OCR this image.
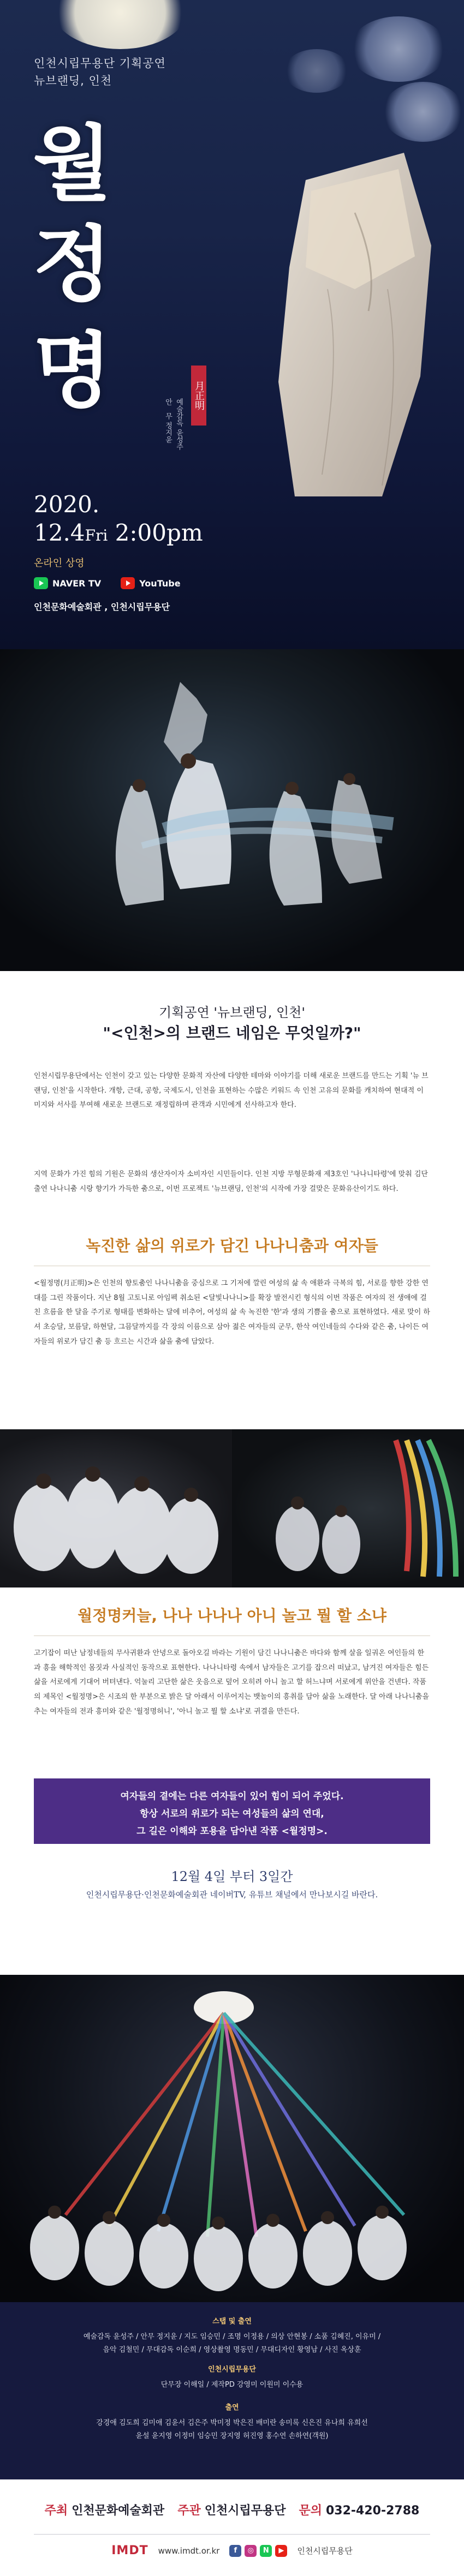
인천시립무용단 기획공연
뉴브랜딩, 인천
월
정
명	月正明
예술감독 윤성주
안　무 정지윤
2020.
12.4Fri 2:00pm
온라인 상영
NAVER TV	YouTube
인천문화예술회관 , 인천시립무용단
기획공연 '뉴브랜딩, 인천'
"<인천>의 브랜드 네임은 무엇일까?"
인천시립무용단에서는 인천이 갖고 있는 다양한 문화적 자산에 다양한 테마와 이야기를 더해 새로운 브랜드를 만드는 기획 '뉴 브랜딩, 인천'을 시작한다. 개항, 근대, 공항, 국제도시, 인천을 표현하는 수많은 키워드 속 인천 고유의 문화를 캐치하여 현대적 이미지와 서사를 부여해 새로운 브랜드로 재정립하며 관객과 시민에게 선사하고자 한다.
지역 문화가 가진 힘의 기원은 문화의 생산자이자 소비자인 시민들이다. 인천 지방 무형문화재 제3호인 '나나니타령'에 맞춰 김단출연 나나니춤 시랑 향기가 가득한 춤으로, 이번 프로젝트 '뉴브랜딩, 인천'의 시작에 가장 걸맞은 문화유산이기도 하다.
녹진한 삶의 위로가 담긴 나나니춤과 여자들
<월정명(月正明)>은 인천의 향토춤인 나나니춤을 중심으로 그 기저에 깔린 여성의 삶 속 애환과 극복의 힘, 서로를 향한 강한 연대를 그린 작품이다. 지난 8월 고토니로 아임펙 취소된 <달빛나나니>를 확장 발전시킨 형식의 이번 작품은 여자의 전 생애에 걸친 흐름을 한 달을 주기로 형태를 변화하는 달에 비추어, 여성의 삶 속 녹진한 '한'과 생의 기쁨을 춤으로 표현하였다. 새로 맞이 하셔 초승달, 보름달, 하현달, 그믐달까지를 각 장의 이름으로 삼아 젊은 여자들의 군무, 한삭 여인네들의 수다와 같은 춤, 나이든 여자들의 위로가 담긴 춤 등 흐르는 시간과 삶을 춤에 담았다.
월정명커늘, 나나 나나나 아니 놀고 뭘 할 소냐
고기잡이 떠난 남정네들의 무사귀환과 안녕으로 돌아오길 바라는 기원이 담긴 나나니춤은 바다와 함께 살을 일궈온 여인들의 한과 흥을 해학적인 몸짓과 사실적인 동작으로 표현한다. 나나니타령 속에서 남자들은 고기를 잡으러 떠났고, 남겨진 여자들은 힘든 삶을 서로에게 기대어 버텨낸다. 억눌리 고단한 삶은 웃음으로 덮어 오히려 아니 놀고 할 허느냐며 서로에게 위안을 건넨다. 작품의 제목인 <월정명>은 시조의 한 부분으로 밝은 달 아래서 이루어지는 뱃놀이의 흥취를 담아 삶을 노래한다. 달 아래 나나니춤을 추는 여자들의 전과 흥미와 같은 '월정명허니', '아니 놀고 뭘 할 소냐'로 귀결을 만든다.
여자들의 곁에는 다른 여자들이 있어 힘이 되어 주었다.
항상 서로의 위로가 되는 여성들의 삶의 연대,
그 길은 이해와 포용을 담아낸 작품 <월정명>.
12월 4일 부터 3일간
인천시립무용단·인천문화예술회관 네이버TV, 유튜브 채널에서 만나보시길 바란다.
스탭 및 출연
예술감독 윤성주 / 안무 정지윤 / 지도 임승민 / 조명 이정용 / 의상 안현봉 / 소품 김혜진, 이유미 /
음악 김철민 / 무대감독 이순희 / 영상촬영 명동민 / 무대디자인 황영남 / 사진 옥상훈
인천시립무용단
단무장 이해일 / 제작PD 강영미 이원미 이수용
출연
강경애 김도희 김미애 김윤서 김은주 박미정 박은진 배미란 송미록 신은진 유나희 유희선
윤설 윤지영 이정미 임승민 장지영 허진영 홍수연 손하연(객원)
주최 인천문화예술회관 주관 인천시립무용단 문의 032-420-2788
IMDT www.imdt.or.kr	f	◎	N	▶	인천시립무용단
